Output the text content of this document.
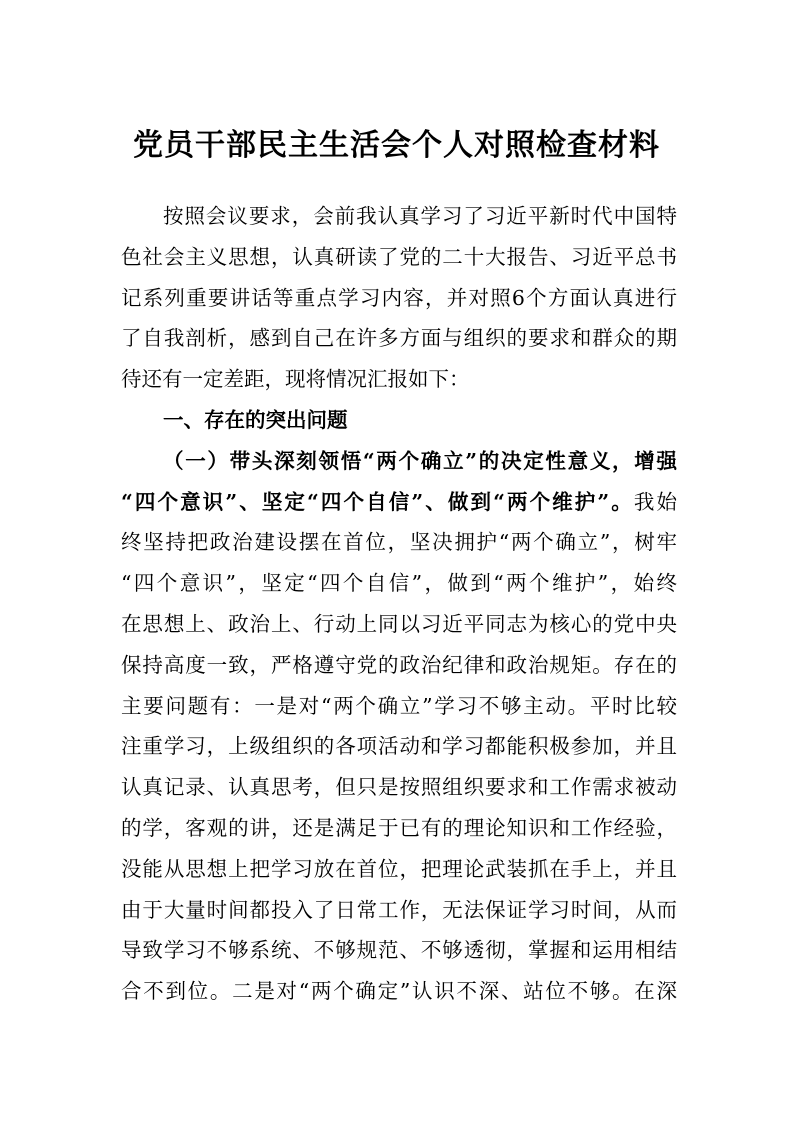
党员干部民主生活会个人对照检查材料
按照会议要求，会前我认真学习了习近平新时代中国特
色社会主义思想，认真研读了党的二十大报告、习近平总书
记系列重要讲话等重点学习内容，并对照6个方面认真进行
了自我剖析，感到自己在许多方面与组织的要求和群众的期
待还有一定差距，现将情况汇报如下：
一、存在的突出问题
（一）带头深刻领悟“两个确立”的决定性意义，增强
“四个意识”、坚定“四个自信”、做到“两个维护”。我始
终坚持把政治建设摆在首位，坚决拥护“两个确立”，树牢
“四个意识”，坚定“四个自信”，做到“两个维护”，始终
在思想上、政治上、行动上同以习近平同志为核心的党中央
保持高度一致，严格遵守党的政治纪律和政治规矩。存在的
主要问题有：一是对“两个确立”学习不够主动。平时比较
注重学习，上级组织的各项活动和学习都能积极参加，并且
认真记录、认真思考，但只是按照组织要求和工作需求被动
的学，客观的讲，还是满足于已有的理论知识和工作经验，
没能从思想上把学习放在首位，把理论武装抓在手上，并且
由于大量时间都投入了日常工作，无法保证学习时间，从而
导致学习不够系统、不够规范、不够透彻，掌握和运用相结
合不到位。二是对“两个确定”认识不深、站位不够。在深
